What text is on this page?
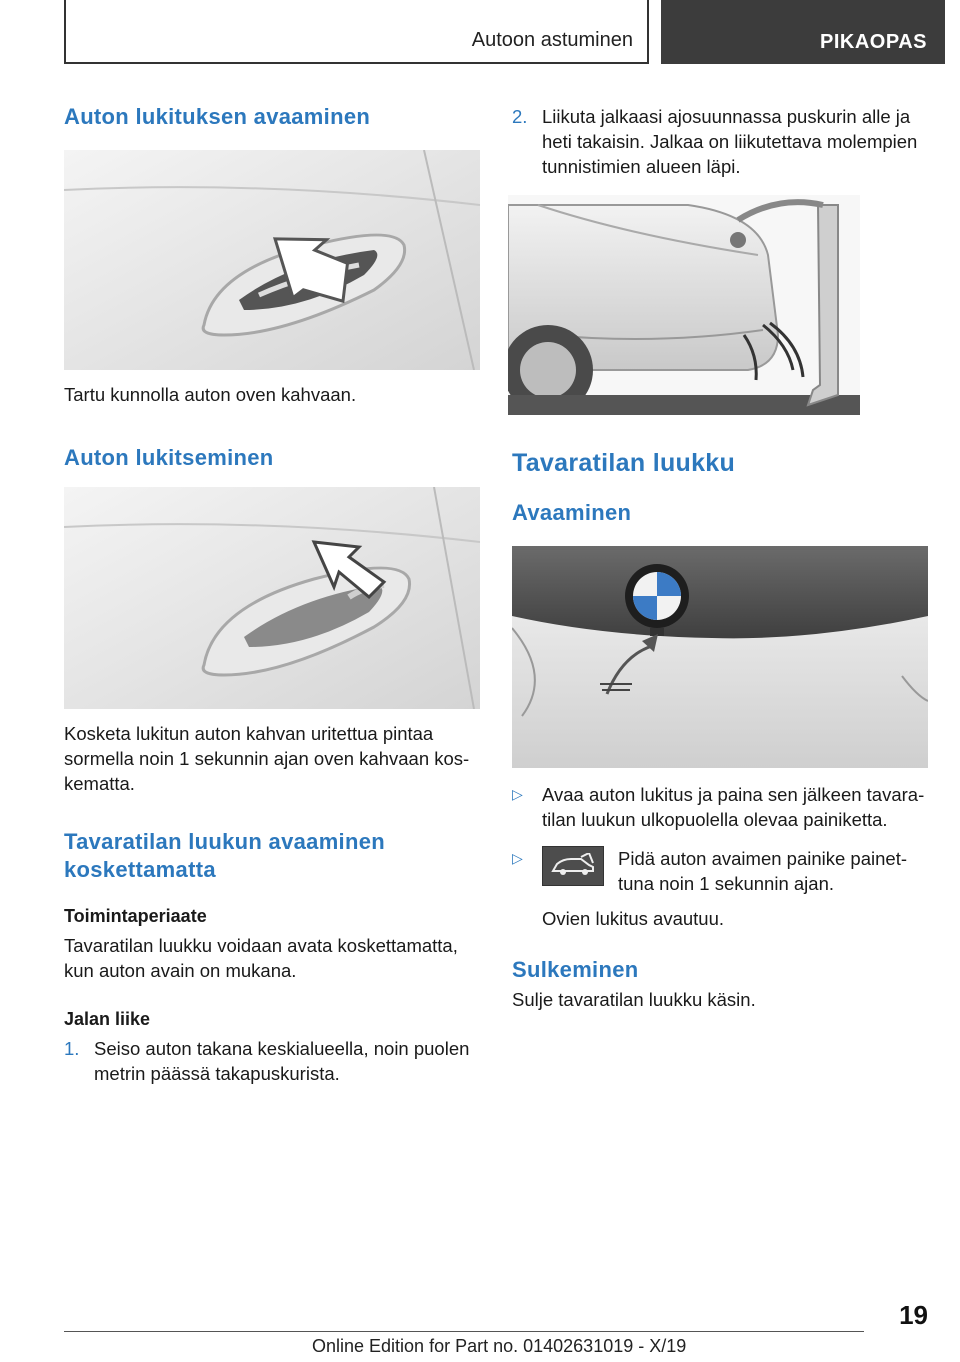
Autoon astuminen	PIKAOPAS
Auton lukituksen avaaminen

Tartu kunnolla auton oven kahvaan.

Auton lukitseminen

Kosketa lukitun auton kahvan uritettua pintaa
sormella noin 1 sekunnin ajan oven kahvaan kos-
kematta.

Tavaratilan luukun avaaminen
koskettamatta
Toimintaperiaate

Tavaratilan luukku voidaan avata koskettamatta,
kun auton avain on mukana.

Jalan liike
1. Seiso auton takana keskialueella, noin puolen
metrin päässä takapuskurista.
2. Liikuta jalkaasi ajosuunnassa puskurin alle ja
heti takaisin. Jalkaa on liikutettava molempien
tunnistimien alueen läpi.
Tavaratilan luukku
Avaaminen
▷ Avaa auton lukitus ja paina sen jälkeen tavara-
tilan luukun ulkopuolella olevaa painiketta.
▷	Pidä auton avaimen painike painet-
tuna noin 1 sekunnin ajan.

Ovien lukitus avautuu.

Sulkeminen

Sulje tavaratilan luukku käsin.

19
Online Edition for Part no. 01402631019 - X/19
